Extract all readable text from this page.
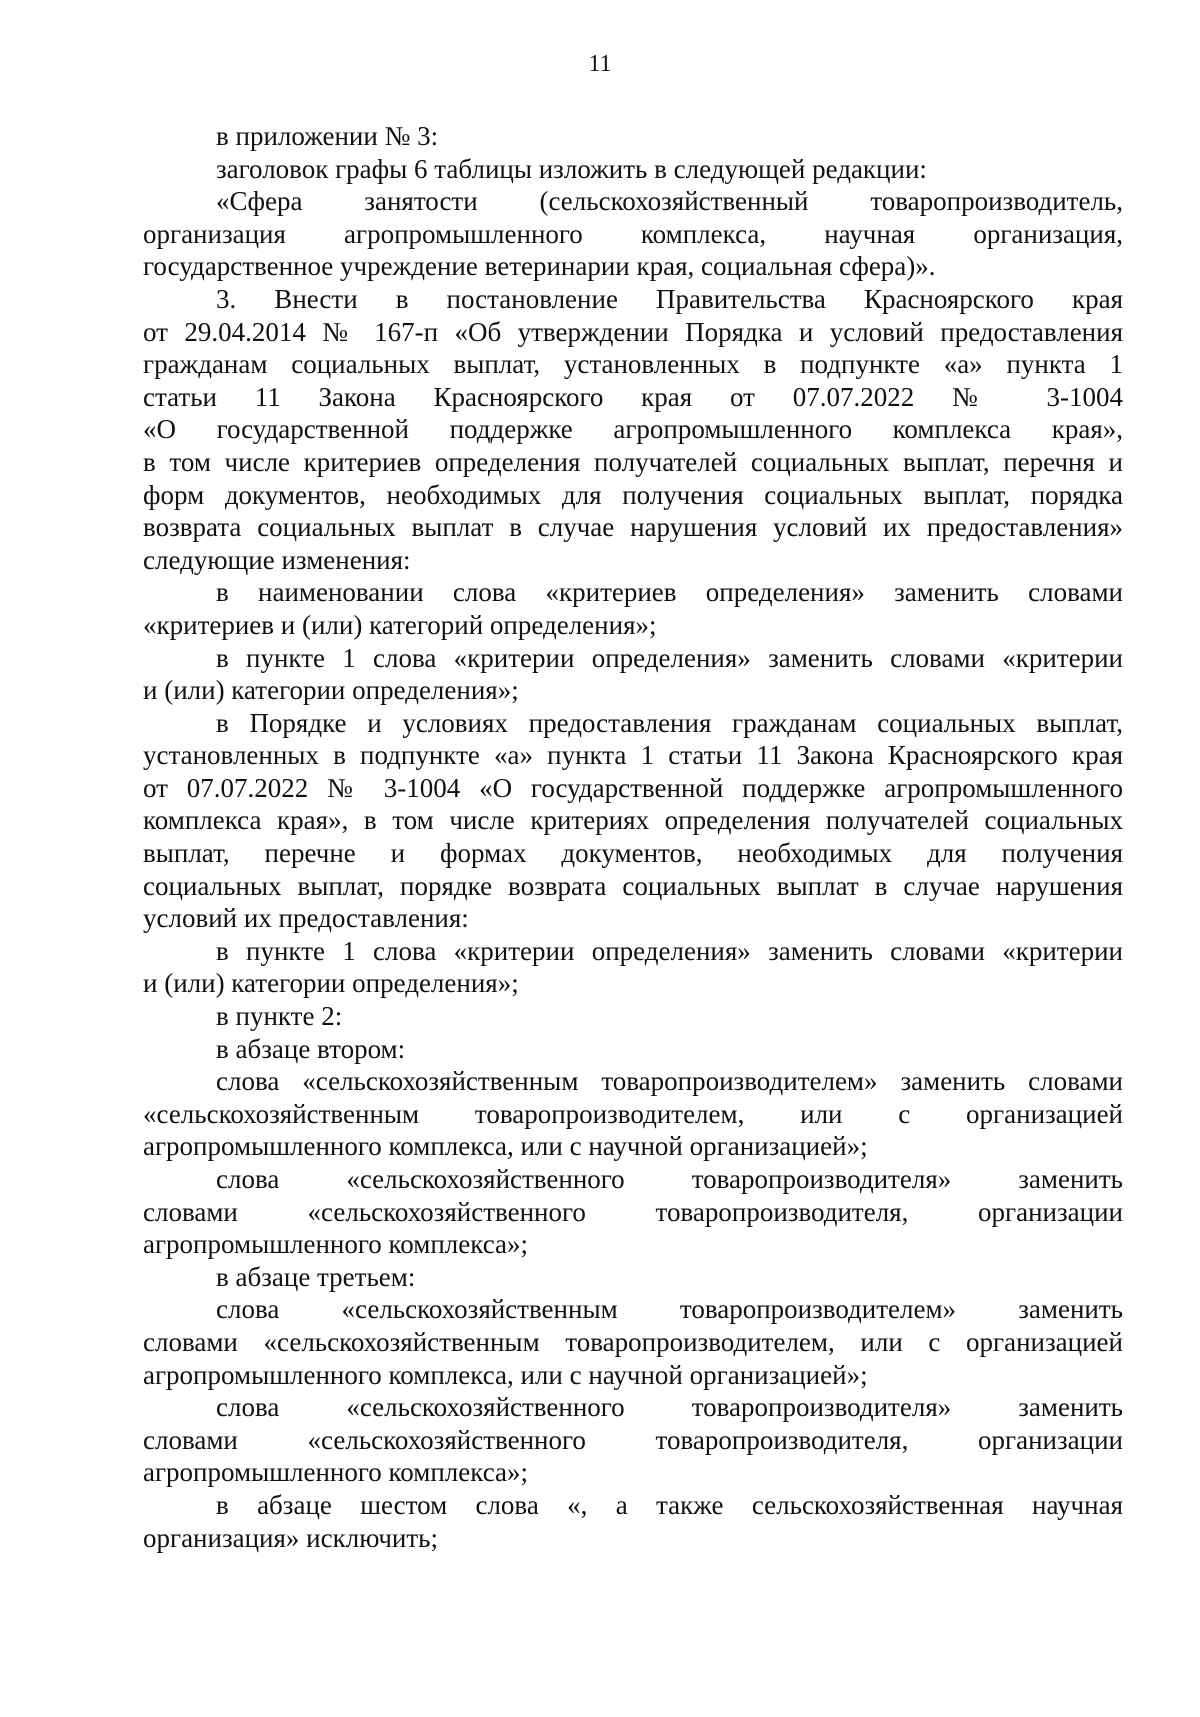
11
в приложении № 3:
заголовок графы 6 таблицы изложить в следующей редакции:
«Сфера занятости (сельскохозяйственный товаропроизводитель,
организация агропромышленного комплекса, научная организация,
государственное учреждение ветеринарии края, социальная сфера)».
3. Внести в постановление Правительства Красноярского края
от 29.04.2014 № 167-п «Об утверждении Порядка и условий предоставления
гражданам социальных выплат, установленных в подпункте «а» пункта 1
статьи 11 Закона Красноярского края от 07.07.2022 № 3-1004
«О государственной поддержке агропромышленного комплекса края»,
в том числе критериев определения получателей социальных выплат, перечня и
форм документов, необходимых для получения социальных выплат, порядка
возврата социальных выплат в случае нарушения условий их предоставления»
следующие изменения:
в наименовании слова «критериев определения» заменить словами
«критериев и (или) категорий определения»;
в пункте 1 слова «критерии определения» заменить словами «критерии
и (или) категории определения»;
в Порядке и условиях предоставления гражданам социальных выплат,
установленных в подпункте «а» пункта 1 статьи 11 Закона Красноярского края
от 07.07.2022 № 3-1004 «О государственной поддержке агропромышленного
комплекса края», в том числе критериях определения получателей социальных
выплат, перечне и формах документов, необходимых для получения
социальных выплат, порядке возврата социальных выплат в случае нарушения
условий их предоставления:
в пункте 1 слова «критерии определения» заменить словами «критерии
и (или) категории определения»;
в пункте 2:
в абзаце втором:
слова «сельскохозяйственным товаропроизводителем» заменить словами
«сельскохозяйственным товаропроизводителем, или с организацией
агропромышленного комплекса, или с научной организацией»;
слова «сельскохозяйственного товаропроизводителя» заменить
словами «сельскохозяйственного товаропроизводителя, организации
агропромышленного комплекса»;
в абзаце третьем:
слова «сельскохозяйственным товаропроизводителем» заменить
словами «сельскохозяйственным товаропроизводителем, или с организацией
агропромышленного комплекса, или с научной организацией»;
слова «сельскохозяйственного товаропроизводителя» заменить
словами «сельскохозяйственного товаропроизводителя, организации
агропромышленного комплекса»;
в абзаце шестом слова «, а также сельскохозяйственная научная
организация» исключить;
